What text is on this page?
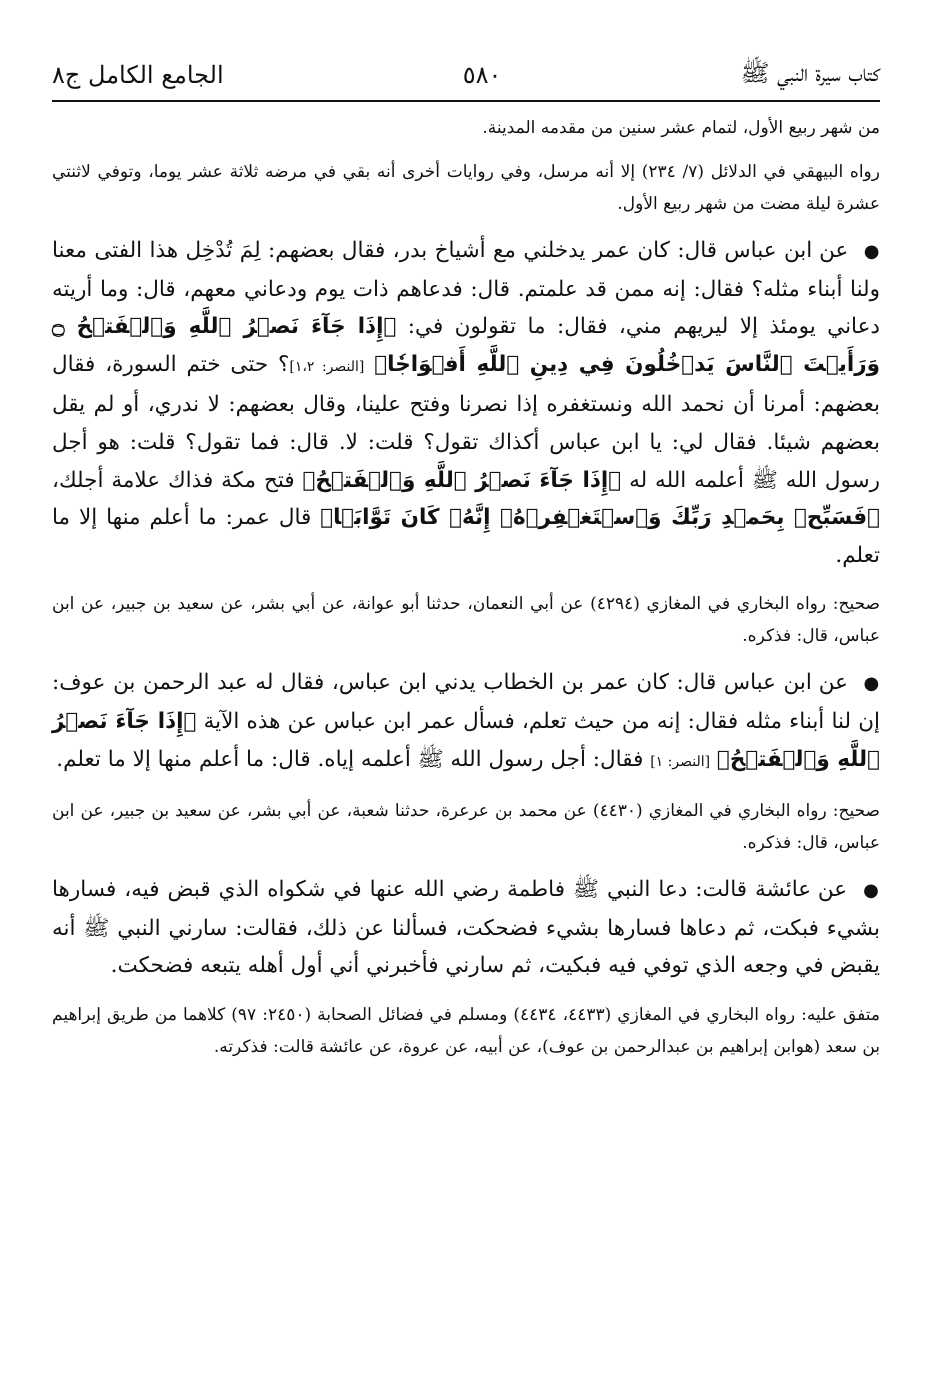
كتاب سيرة النبي ﷺ
٥٨٠
الجامع الكامل ج٨

من شهر ربيع الأول، لتمام عشر سنين من مقدمه المدينة.

رواه البيهقي في الدلائل (٧/ ٢٣٤) إلا أنه مرسل، وفي روايات أخرى أنه بقي في مرضه ثلاثة عشر يوما، وتوفي لاثنتي عشرة ليلة مضت من شهر ربيع الأول.

● عن ابن عباس قال: كان عمر يدخلني مع أشياخ بدر، فقال بعضهم: لِمَ تُدْخِل هذا الفتى معنا ولنا أبناء مثله؟ فقال: إنه ممن قد علمتم. قال: فدعاهم ذات يوم ودعاني معهم، قال: وما أريته دعاني يومئذ إلا ليريهم مني، فقال: ما تقولون في: ﴿إِذَا جَآءَ نَصۡرُ ٱللَّهِ وَٱلۡفَتۡحُ ۝ وَرَأَيۡتَ ٱلنَّاسَ يَدۡخُلُونَ فِي دِينِ ٱللَّهِ أَفۡوَاجٗا﴾ [النصر: ١،٢]؟ حتى ختم السورة، فقال بعضهم: أمرنا أن نحمد الله ونستغفره إذا نصرنا وفتح علينا، وقال بعضهم: لا ندري، أو لم يقل بعضهم شيئا. فقال لي: يا ابن عباس أكذاك تقول؟ قلت: لا. قال: فما تقول؟ قلت: هو أجل رسول الله ﷺ أعلمه الله له ﴿إِذَا جَآءَ نَصۡرُ ٱللَّهِ وَٱلۡفَتۡحُ﴾ فتح مكة فذاك علامة أجلك، ﴿فَسَبِّحۡ بِحَمۡدِ رَبِّكَ وَٱسۡتَغۡفِرۡهُۚ إِنَّهُۥ كَانَ تَوَّابَۢا﴾ قال عمر: ما أعلم منها إلا ما تعلم.

صحيح: رواه البخاري في المغازي (٤٢٩٤) عن أبي النعمان، حدثنا أبو عوانة، عن أبي بشر، عن سعيد بن جبير، عن ابن عباس، قال: فذكره.

● عن ابن عباس قال: كان عمر بن الخطاب يدني ابن عباس، فقال له عبد الرحمن بن عوف: إن لنا أبناء مثله فقال: إنه من حيث تعلم، فسأل عمر ابن عباس عن هذه الآية ﴿إِذَا جَآءَ نَصۡرُ ٱللَّهِ وَٱلۡفَتۡحُ﴾ [النصر: ١] فقال: أجل رسول الله ﷺ أعلمه إياه. قال: ما أعلم منها إلا ما تعلم.

صحيح: رواه البخاري في المغازي (٤٤٣٠) عن محمد بن عرعرة، حدثنا شعبة، عن أبي بشر، عن سعيد بن جبير، عن ابن عباس، قال: فذكره.

● عن عائشة قالت: دعا النبي ﷺ فاطمة رضي الله عنها في شكواه الذي قبض فيه، فسارها بشيء فبكت، ثم دعاها فسارها بشيء فضحكت، فسألنا عن ذلك، فقالت: سارني النبي ﷺ أنه يقبض في وجعه الذي توفي فيه فبكيت، ثم سارني فأخبرني أني أول أهله يتبعه فضحكت.

متفق عليه: رواه البخاري في المغازي (٤٤٣٣، ٤٤٣٤) ومسلم في فضائل الصحابة (٢٤٥٠: ٩٧) كلاهما من طريق إبراهيم بن سعد (هوابن إبراهيم بن عبدالرحمن بن عوف)، عن أبيه، عن عروة، عن عائشة قالت: فذكرته.
